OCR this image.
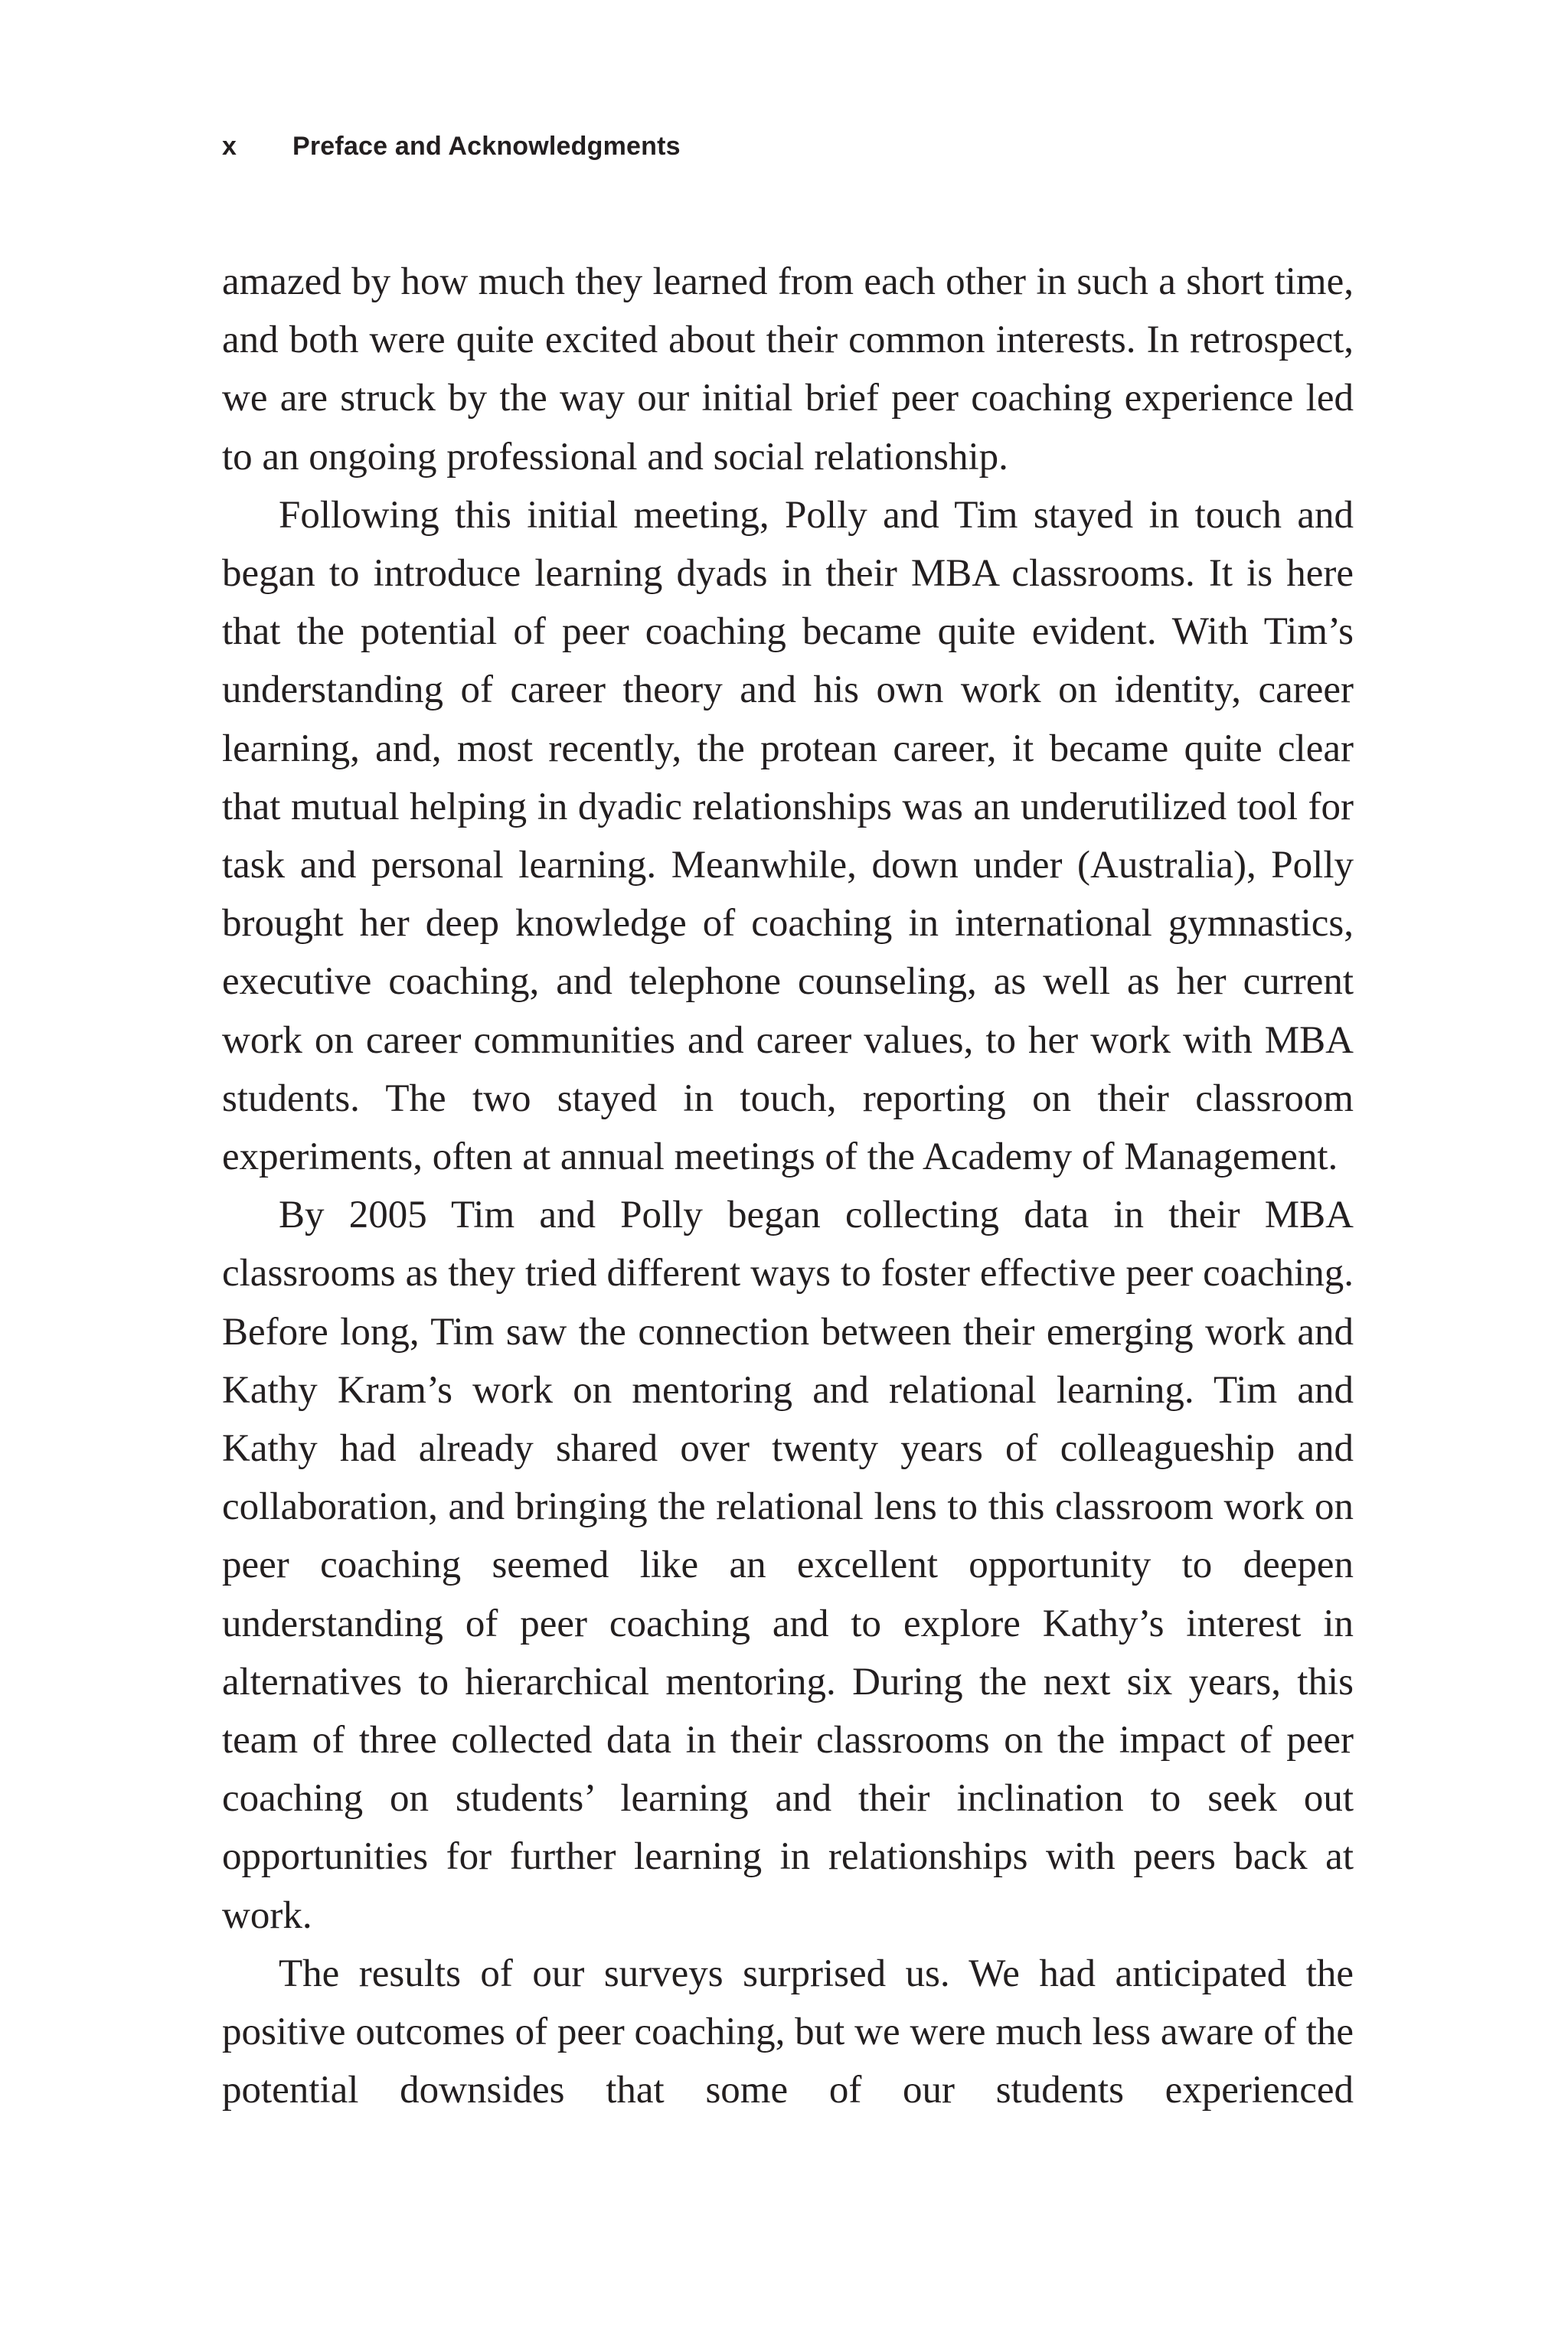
x	Preface and Acknowledgments

amazed by how much they learned from each other in such a short time, and both were quite excited about their common interests. In retrospect, we are struck by the way our initial brief peer coaching experience led to an ongoing professional and social relationship.

Following this initial meeting, Polly and Tim stayed in touch and began to introduce learning dyads in their MBA classrooms. It is here that the potential of peer coaching became quite evident. With Tim’s understanding of career theory and his own work on identity, career learning, and, most recently, the protean career, it became quite clear that mutual helping in dyadic relationships was an underutilized tool for task and personal learning. Meanwhile, down under (Australia), Polly brought her deep knowledge of coaching in international gymnastics, executive coaching, and telephone counseling, as well as her current work on career communities and career values, to her work with MBA students. The two stayed in touch, reporting on their classroom experiments, often at annual meetings of the Academy of Management.

By 2005 Tim and Polly began collecting data in their MBA classrooms as they tried different ways to foster effective peer coaching. Before long, Tim saw the connection between their emerging work and Kathy Kram’s work on mentoring and relational learning. Tim and Kathy had already shared over twenty years of colleagueship and collaboration, and bringing the relational lens to this classroom work on peer coaching seemed like an excellent opportunity to deepen understanding of peer coaching and to explore Kathy’s interest in alternatives to hierarchical mentoring. During the next six years, this team of three collected data in their classrooms on the impact of peer coaching on students’ learning and their inclination to seek out opportunities for further learning in relationships with peers back at work.

The results of our surveys surprised us. We had anticipated the positive outcomes of peer coaching, but we were much less aware of the potential downsides that some of our students experienced
